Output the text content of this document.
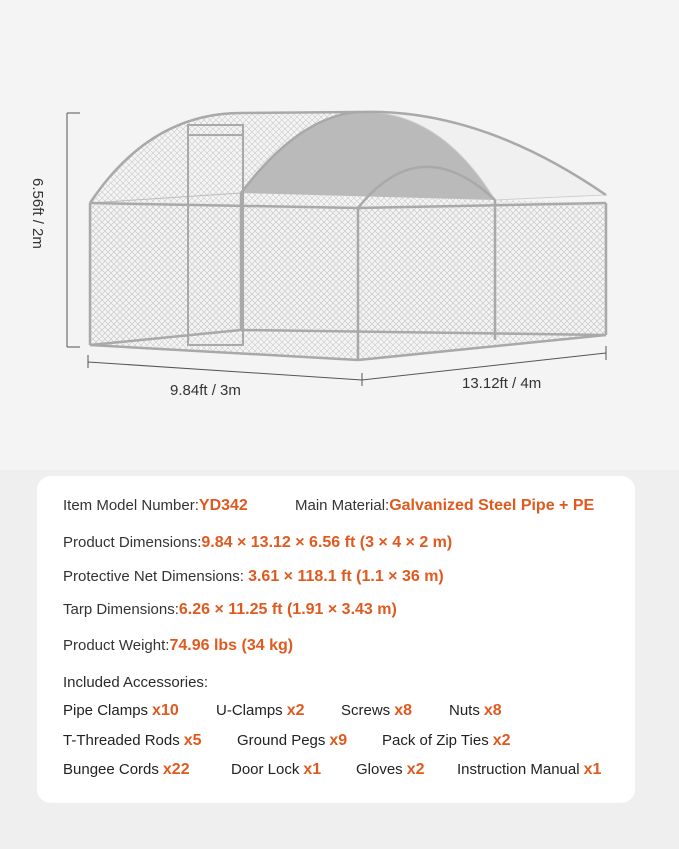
6.56ft / 2m
9.84ft / 3m	13.12ft / 4m
Item Model Number:YD342	Main Material:Galvanized Steel Pipe + PE
Product Dimensions:9.84 × 13.12 × 6.56 ft (3 × 4 × 2 m)
Protective Net Dimensions: 3.61 × 118.1 ft (1.1 × 36 m)
Tarp Dimensions:6.26 × 11.25 ft (1.91 × 3.43 m)
Product Weight:74.96 lbs (34 kg)
Included Accessories:
Pipe Clamps x10 U-Clamps x2 Screws x8 Nuts x8
T-Threaded Rods x5 Ground Pegs x9 Pack of Zip Ties x2
Bungee Cords x22	Door Lock x1 Gloves x2 Instruction Manual x1
